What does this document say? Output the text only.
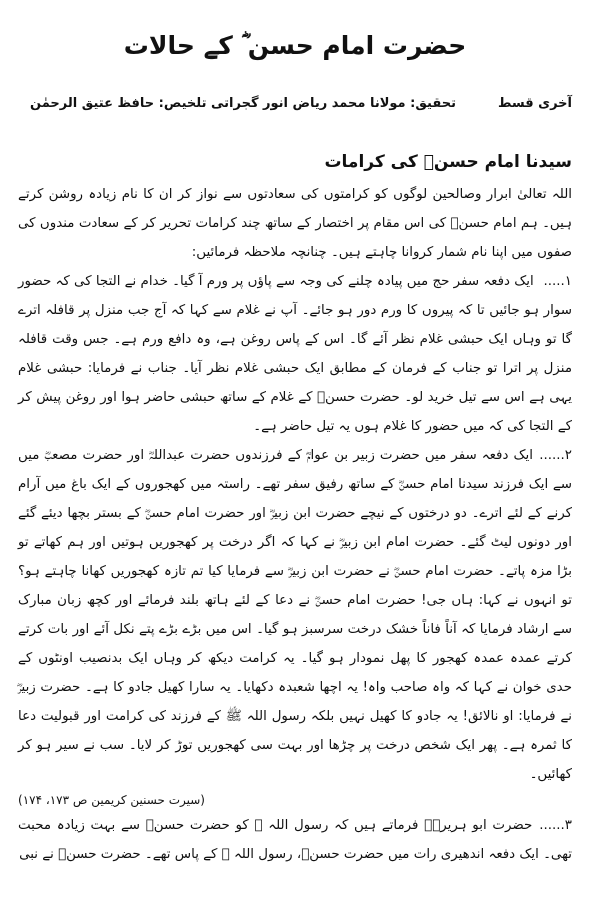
حضرت امام حسن ؓ کے حالات
آخری قسط
تحقیق: مولانا محمد ریاض انور گجراتی تلخیص: حافظ عتیق الرحمٰن
سیدنا امام حسنؓ کی کرامات

اللہ تعالیٰ ابرار وصالحین لوگوں کو کرامتوں کی سعادتوں سے نواز کر ان کا نام زیادہ روشن کرتے ہیں۔ ہم امام حسنؓ کی اس مقام پر اختصار کے ساتھ چند کرامات تحریر کر کے سعادت مندوں کی صفوں میں اپنا نام شمار کروانا چاہتے ہیں۔ چنانچہ ملاحظہ فرمائیں:

۱..... ایک دفعہ سفر حج میں پیادہ چلنے کی وجہ سے پاؤں پر ورم آ گیا۔ خدام نے التجا کی کہ حضور سوار ہو جائیں تا کہ پیروں کا ورم دور ہو جائے۔ آپ نے غلام سے کہا کہ آج جب منزل پر قافلہ اترے گا تو وہاں ایک حبشی غلام نظر آئے گا۔ اس کے پاس روغن ہے، وہ دافع ورم ہے۔ جس وقت قافلہ منزل پر اترا تو جناب کے فرمان کے مطابق ایک حبشی غلام نظر آیا۔ جناب نے فرمایا: حبشی غلام یہی ہے اس سے تیل خرید لو۔ حضرت حسنؓ کے غلام کے ساتھ حبشی حاضر ہوا اور روغن پیش کر کے التجا کی کہ میں حضور کا غلام ہوں یہ تیل حاضر ہے۔

۲...... ایک دفعہ سفر میں حضرت زبیر بن عوامؓ کے فرزندوں حضرت عبداللہؓ اور حضرت مصعبؓ میں سے ایک فرزند سیدنا امام حسنؓ کے ساتھ رفیق سفر تھے۔ راستہ میں کھجوروں کے ایک باغ میں آرام کرنے کے لئے اترے۔ دو درختوں کے نیچے حضرت ابن زبیرؓ اور حضرت امام حسنؓ کے بستر بچھا دیئے گئے اور دونوں لیٹ گئے۔ حضرت امام ابن زبیرؓ نے کہا کہ اگر درخت پر کھجوریں ہوتیں اور ہم کھاتے تو بڑا مزہ پاتے۔ حضرت امام حسنؓ نے حضرت ابن زبیرؓ سے فرمایا کیا تم تازہ کھجوریں کھانا چاہتے ہو؟ تو انہوں نے کہا: ہاں جی! حضرت امام حسنؓ نے دعا کے لئے ہاتھ بلند فرمائے اور کچھ زبان مبارک سے ارشاد فرمایا کہ آناً فاناً خشک درخت سرسبز ہو گیا۔ اس میں بڑے بڑے پتے نکل آئے اور بات کرتے کرتے عمدہ عمدہ کھجور کا پھل نمودار ہو گیا۔ یہ کرامت دیکھ کر وہاں ایک بدنصیب اونٹوں کے حدی خوان نے کہا کہ واہ صاحب واہ! یہ اچھا شعبدہ دکھایا۔ یہ سارا کھیل جادو کا ہے۔ حضرت زبیرؓ نے فرمایا: او نالائق! یہ جادو کا کھیل نہیں بلکہ رسول اللہ ﷺ کے فرزند کی کرامت اور قبولیت دعا کا ثمرہ ہے۔ پھر ایک شخص درخت پر چڑھا اور بہت سی کھجوریں توڑ کر لایا۔ سب نے سیر ہو کر کھائیں۔

(سیرت حسنین کریمین ص ۱۷۳، ۱۷۴)

۳...... حضرت ابو ہریرہؓ فرماتے ہیں کہ رسول اللہ ﷺ کو حضرت حسنؓ سے بہت زیادہ محبت تھی۔ ایک دفعہ اندھیری رات میں حضرت حسنؓ، رسول اللہ ﷺ کے پاس تھے۔ حضرت حسنؓ نے نبی
